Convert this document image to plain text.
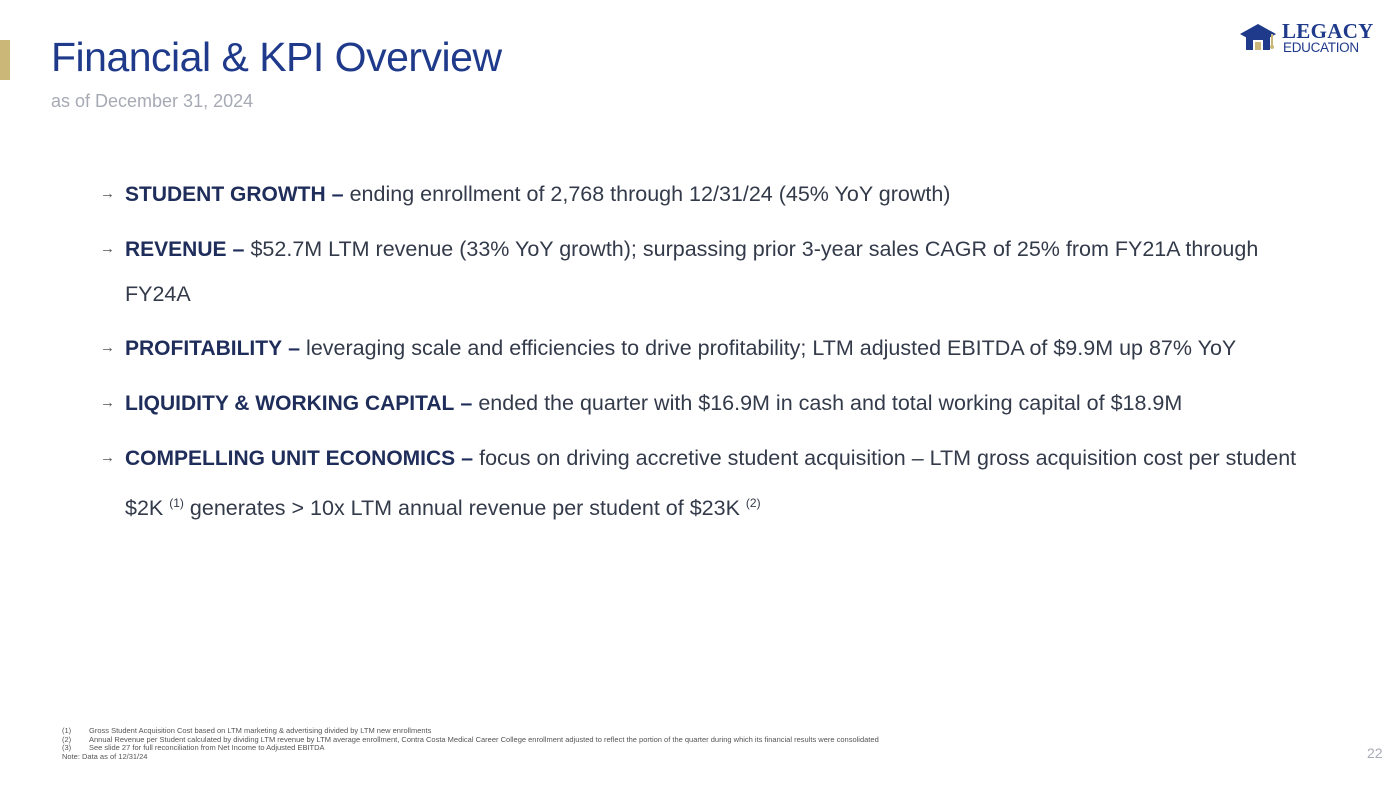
Financial & KPI Overview
as of December 31, 2024
LEGACY
EDUCATION
→ STUDENT GROWTH – ending enrollment of 2,768 through 12/31/24 (45% YoY growth)
→ REVENUE – $52.7M LTM revenue (33% YoY growth); surpassing prior 3-year sales CAGR of 25% from FY21A through FY24A
→ PROFITABILITY – leveraging scale and efficiencies to drive profitability; LTM adjusted EBITDA of $9.9M up 87% YoY
→ LIQUIDITY & WORKING CAPITAL – ended the quarter with $16.9M in cash and total working capital of $18.9M
→ COMPELLING UNIT ECONOMICS – focus on driving accretive student acquisition – LTM gross acquisition cost per student $2K $^{(1)}$ generates > 10x LTM annual revenue per student of $23K $^{(2)}$
(1) Gross Student Acquisition Cost based on LTM marketing & advertising divided by LTM new enrollments
(2) Annual Revenue per Student calculated by dividing LTM revenue by LTM average enrollment, Contra Costa Medical Career College enrollment adjusted to reflect the portion of the quarter during which its financial results were consolidated
(3) See slide 27 for full reconciliation from Net Income to Adjusted EBITDA
Note: Data as of 12/31/24	22
